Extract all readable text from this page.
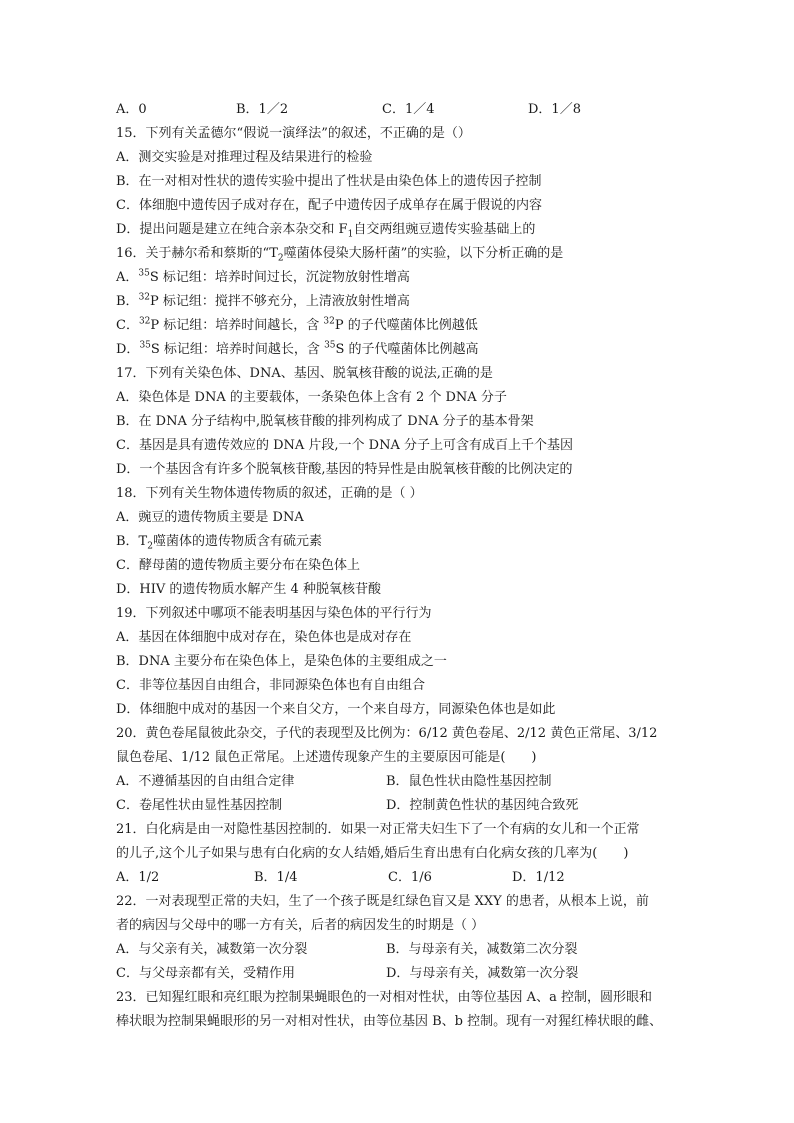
A．0	B．1／2	C．1／4	D．1／8
15．下列有关孟德尔“假说一演绎法”的叙述，不正确的是（）
A．测交实验是对推理过程及结果进行的检验
B．在一对相对性状的遗传实验中提出了性状是由染色体上的遗传因子控制
C．体细胞中遗传因子成对存在，配子中遗传因子成单存在属于假说的内容
D．提出问题是建立在纯合亲本杂交和 $F_1$自交两组豌豆遗传实验基础上的
16．关于赫尔希和蔡斯的“$T_2$噬菌体侵染大肠杆菌”的实验，以下分析正确的是
A．$^{35}$S 标记组：培养时间过长，沉淀物放射性增高
B．$^{32}$P 标记组：搅拌不够充分，上清液放射性增高
C．$^{32}$P 标记组：培养时间越长，含 $^{32}$P 的子代噬菌体比例越低
D．$^{35}$S 标记组：培养时间越长，含 $^{35}$S 的子代噬菌体比例越高
17．下列有关染色体、DNA、基因、脱氧核苷酸的说法,正确的是
A．染色体是 DNA 的主要载体，一条染色体上含有 2 个 DNA 分子
B．在 DNA 分子结构中,脱氧核苷酸的排列构成了 DNA 分子的基本骨架
C．基因是具有遗传效应的 DNA 片段,一个 DNA 分子上可含有成百上千个基因
D．一个基因含有许多个脱氧核苷酸,基因的特异性是由脱氧核苷酸的比例决定的
18．下列有关生物体遗传物质的叙述，正确的是（ ）
A．豌豆的遗传物质主要是 DNA
B．$T_2$噬菌体的遗传物质含有硫元素
C．酵母菌的遗传物质主要分布在染色体上
D．HIV 的遗传物质水解产生 4 种脱氧核苷酸
19．下列叙述中哪项不能表明基因与染色体的平行行为
A．基因在体细胞中成对存在，染色体也是成对存在
B．DNA 主要分布在染色体上，是染色体的主要组成之一
C．非等位基因自由组合，非同源染色体也有自由组合
D．体细胞中成对的基因一个来自父方，一个来自母方，同源染色体也是如此
20．黄色卷尾鼠彼此杂交，子代的表现型及比例为：6/12 黄色卷尾、2/12 黄色正常尾、3/12
鼠色卷尾、1/12 鼠色正常尾。上述遗传现象产生的主要原因可能是(　　)
A．不遵循基因的自由组合定律	B．鼠色性状由隐性基因控制
C．卷尾性状由显性基因控制	D．控制黄色性状的基因纯合致死
21．白化病是由一对隐性基因控制的．如果一对正常夫妇生下了一个有病的女儿和一个正常
的儿子,这个儿子如果与患有白化病的女人结婚,婚后生育出患有白化病女孩的几率为(　　)
A．1/2	B．1/4	C．1/6	D．1/12
22．一对表现型正常的夫妇，生了一个孩子既是红绿色盲又是 XXY 的患者，从根本上说，前
者的病因与父母中的哪一方有关，后者的病因发生的时期是（ ）
A．与父亲有关，减数第一次分裂	B．与母亲有关，减数第二次分裂
C．与父母亲都有关，受精作用	D．与母亲有关，减数第一次分裂
23．已知猩红眼和亮红眼为控制果蝇眼色的一对相对性状，由等位基因 A、a 控制，圆形眼和
棒状眼为控制果蝇眼形的另一对相对性状，由等位基因 B、b 控制。现有一对猩红棒状眼的雌、
